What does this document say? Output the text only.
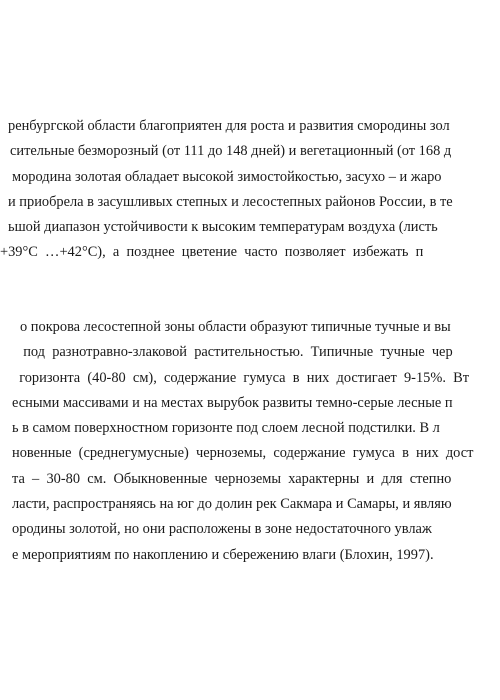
ренбургской области благоприятен для роста и развития смородины зол
сительные безморозный (от 111 до 148 дней) и вегетационный (от 168 д
мородина золотая обладает высокой зимостойкостью, засухо – и жаро
и приобрела в засушливых степных и лесостепных районов России, в те
ьшой диапазон устойчивости к высоким температурам воздуха (листь
+39°C  …+42°C),  а  позднее  цветение  часто  позволяет  избежать  п
о покрова лесостепной зоны области образуют типичные тучные и вы
под  разнотравно-злаковой  растительностью.  Типичные  тучные  чер
горизонта  (40-80  см),  содержание  гумуса  в  них  достигает  9-15%.  Вт
есными массивами и на местах вырубок развиты темно-серые лесные п
ь в самом поверхностном горизонте под слоем лесной подстилки. В л
новенные  (среднегумусные)  черноземы,  содержание  гумуса  в  них  дост
та  –  30-80  см.  Обыкновенные  черноземы  характерны  и  для  степно
ласти, распространяясь на юг до долин рек Сакмара и Самары, и являю
ородины золотой, но они расположены в зоне недостаточного увлаж
е мероприятиям по накоплению и сбережению влаги (Блохин, 1997).
